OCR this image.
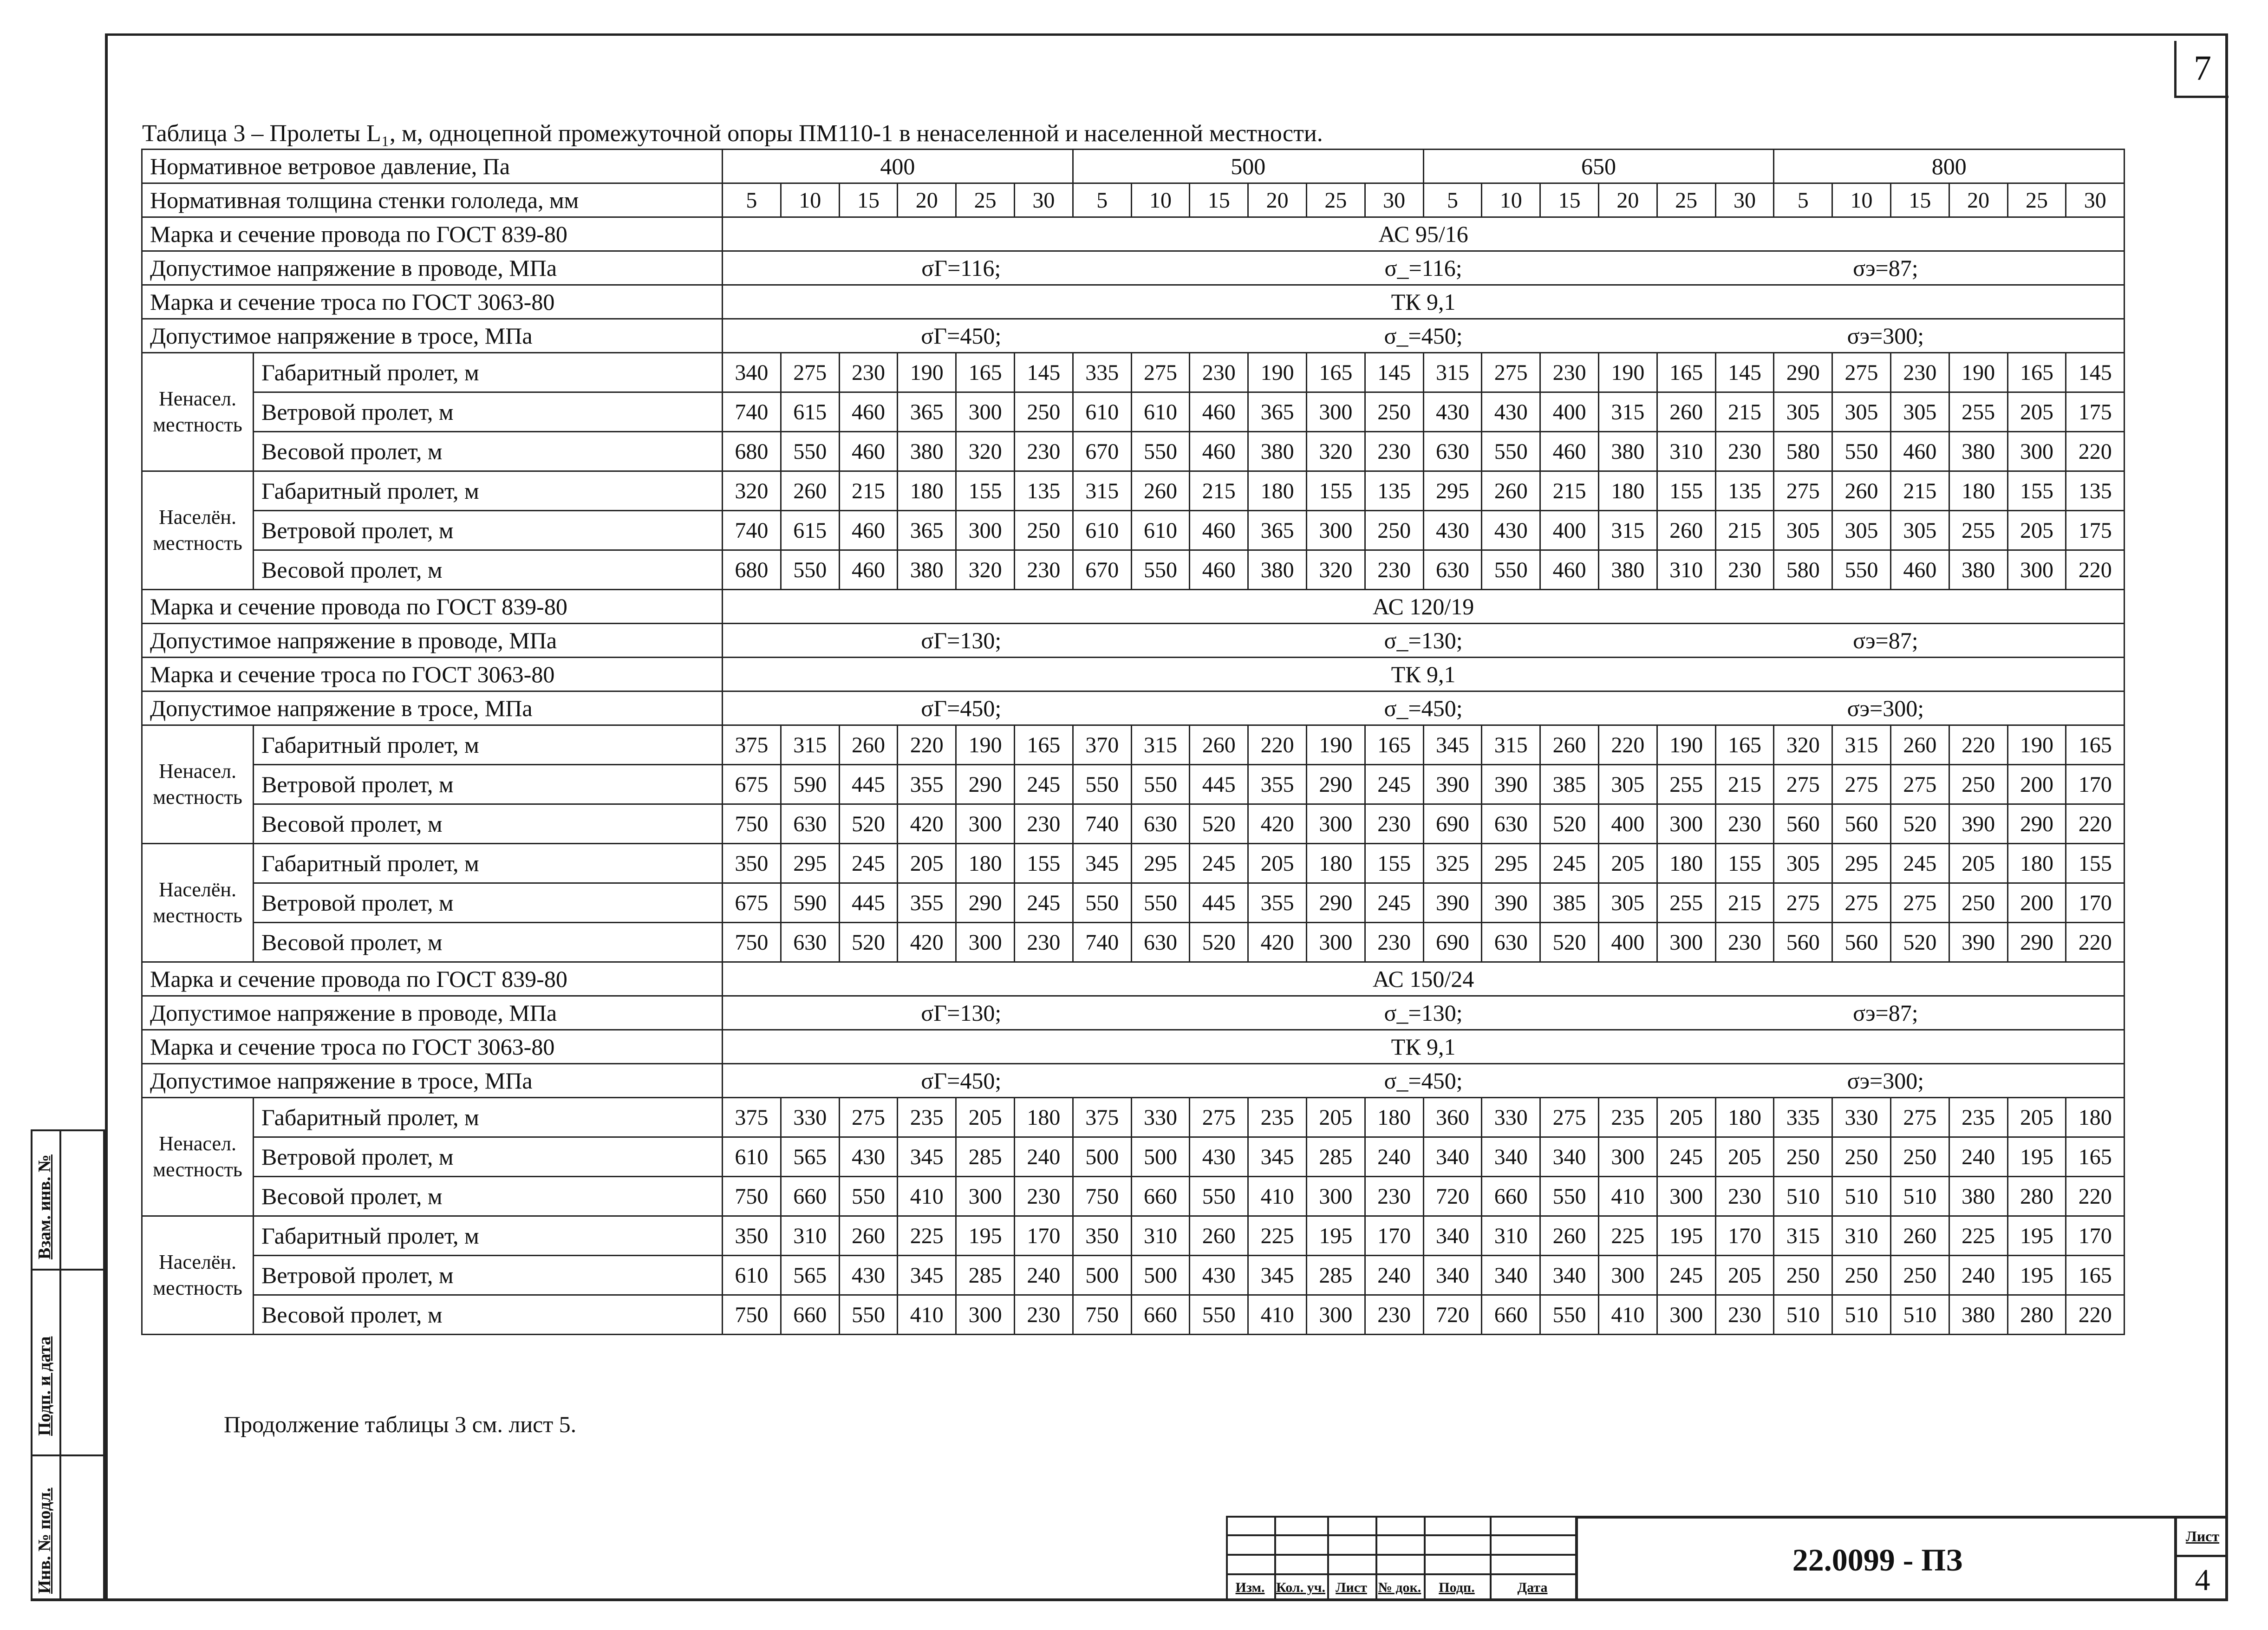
7
Взам. инв. №
Подп. и дата
Инв. № подл.
Таблица 3 – Пролеты L₁, м, одноцепной промежуточной опоры ПМ110-1 в ненаселенной и населенной местности.
Нормативное ветровое давление, Па		400						500						650						800					
Нормативная толщина стенки гололеда, мм		5	10	15	20	25	30	5	10	15	20	25	30	5	10	15	20	25	30	5	10	15	20	25	30
Марка и сечение провода по ГОСТ 839-80		АС 95/16																							
Допустимое напряжение в проводе, МПа		σГ=116; σ_=116; σэ=87;																							
Марка и сечение троса по ГОСТ 3063-80		ТК 9,1																							
Допустимое напряжение в тросе, МПа		σГ=450; σ_=450; σэ=300;																							
Ненасел. местность	Габаритный пролет, м	340	275	230	190	165	145	335	275	230	190	165	145	315	275	230	190	165	145	290	275	230	190	165	145
	Ветровой пролет, м	740	615	460	365	300	250	610	610	460	365	300	250	430	430	400	315	260	215	305	305	305	255	205	175
	Весовой пролет, м	680	550	460	380	320	230	670	550	460	380	320	230	630	550	460	380	310	230	580	550	460	380	300	220
Населён. местность	Габаритный пролет, м	320	260	215	180	155	135	315	260	215	180	155	135	295	260	215	180	155	135	275	260	215	180	155	135
	Ветровой пролет, м	740	615	460	365	300	250	610	610	460	365	300	250	430	430	400	315	260	215	305	305	305	255	205	175
	Весовой пролет, м	680	550	460	380	320	230	670	550	460	380	320	230	630	550	460	380	310	230	580	550	460	380	300	220
Марка и сечение провода по ГОСТ 839-80		АС 120/19																							
Допустимое напряжение в проводе, МПа		σГ=130; σ_=130; σэ=87;																							
Марка и сечение троса по ГОСТ 3063-80		ТК 9,1																							
Допустимое напряжение в тросе, МПа		σГ=450; σ_=450; σэ=300;																							
Ненасел. местность	Габаритный пролет, м	375	315	260	220	190	165	370	315	260	220	190	165	345	315	260	220	190	165	320	315	260	220	190	165
	Ветровой пролет, м	675	590	445	355	290	245	550	550	445	355	290	245	390	390	385	305	255	215	275	275	275	250	200	170
	Весовой пролет, м	750	630	520	420	300	230	740	630	520	420	300	230	690	630	520	400	300	230	560	560	520	390	290	220
Населён. местность	Габаритный пролет, м	350	295	245	205	180	155	345	295	245	205	180	155	325	295	245	205	180	155	305	295	245	205	180	155
	Ветровой пролет, м	675	590	445	355	290	245	550	550	445	355	290	245	390	390	385	305	255	215	275	275	275	250	200	170
	Весовой пролет, м	750	630	520	420	300	230	740	630	520	420	300	230	690	630	520	400	300	230	560	560	520	390	290	220
Марка и сечение провода по ГОСТ 839-80		АС 150/24																							
Допустимое напряжение в проводе, МПа		σГ=130; σ_=130; σэ=87;																							
Марка и сечение троса по ГОСТ 3063-80		ТК 9,1																							
Допустимое напряжение в тросе, МПа		σГ=450; σ_=450; σэ=300;																							
Ненасел. местность	Габаритный пролет, м	375	330	275	235	205	180	375	330	275	235	205	180	360	330	275	235	205	180	335	330	275	235	205	180
	Ветровой пролет, м	610	565	430	345	285	240	500	500	430	345	285	240	340	340	340	300	245	205	250	250	250	240	195	165
	Весовой пролет, м	750	660	550	410	300	230	750	660	550	410	300	230	720	660	550	410	300	230	510	510	510	380	280	220
Населён. местность	Габаритный пролет, м	350	310	260	225	195	170	350	310	260	225	195	170	340	310	260	225	195	170	315	310	260	225	195	170
	Ветровой пролет, м	610	565	430	345	285	240	500	500	430	345	285	240	340	340	340	300	245	205	250	250	250	240	195	165
	Весовой пролет, м	750	660	550	410	300	230	750	660	550	410	300	230	720	660	550	410	300	230	510	510	510	380	280	220
Продолжение таблицы 3 см. лист 5.
Изм. Кол. уч. Лист № док.	Подп.	Дата
22.0099 - ПЗ
Лист
4
